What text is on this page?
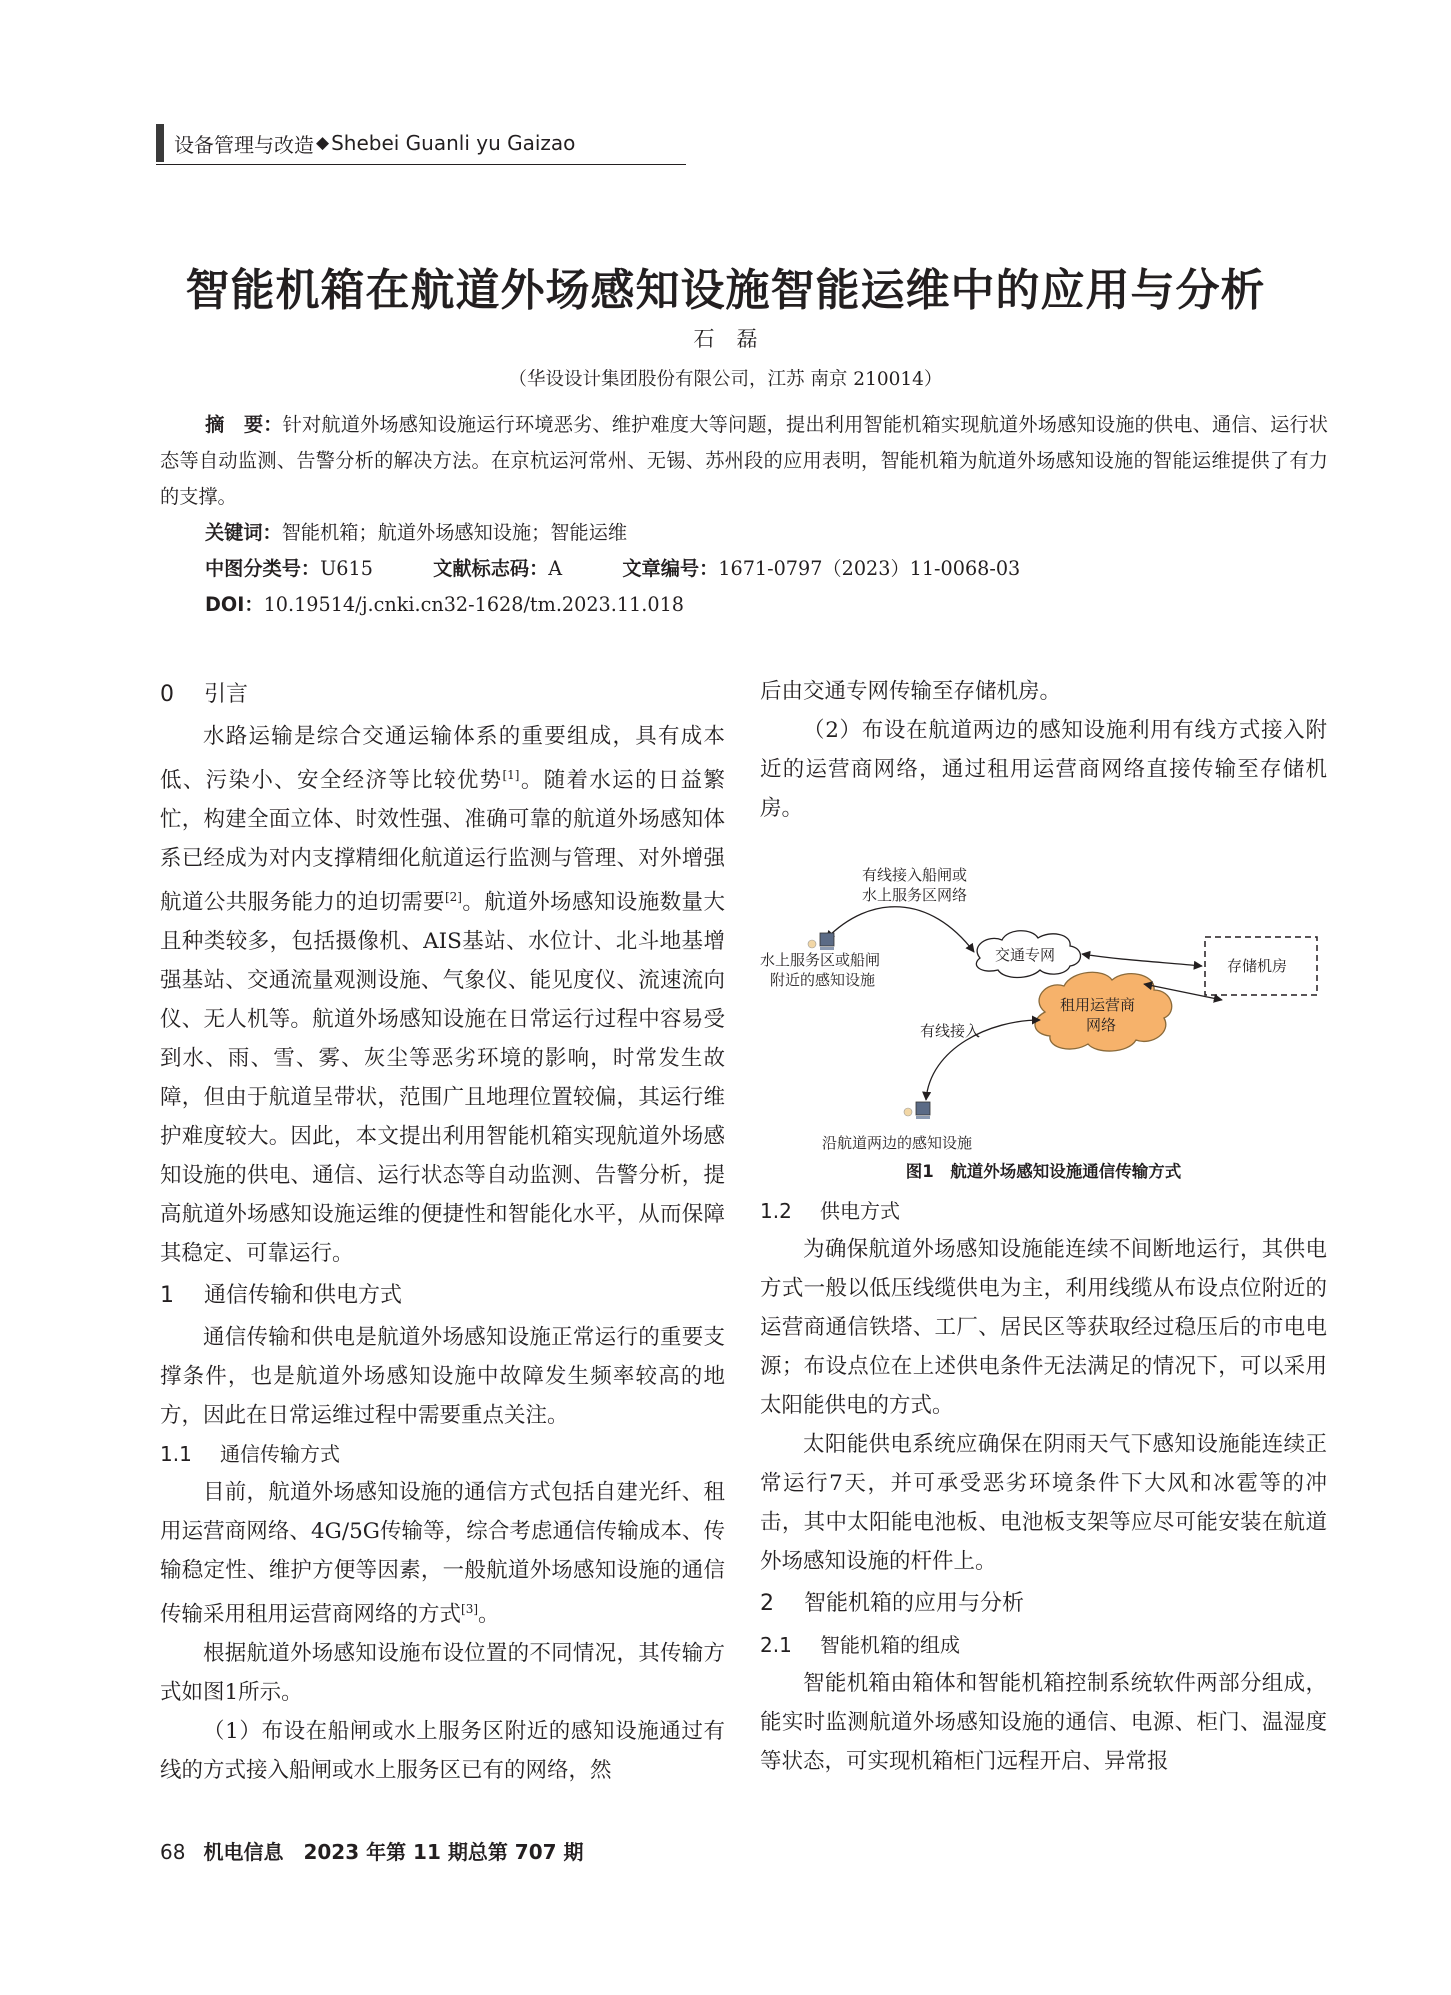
设备管理与改造 ◆ Shebei Guanli yu Gaizao
智能机箱在航道外场感知设施智能运维中的应用与分析
石磊
（华设设计集团股份有限公司，江苏 南京 210014）
摘　要：针对航道外场感知设施运行环境恶劣、维护难度大等问题，提出利用智能机箱实现航道外场感知设施的供电、通信、运行状态等自动监测、告警分析的解决方法。在京杭运河常州、无锡、苏州段的应用表明，智能机箱为航道外场感知设施的智能运维提供了有力的支撑。
关键词：智能机箱；航道外场感知设施；智能运维
中图分类号：U615	文献标志码：A	文章编号：1671-0797（2023）11-0068-03
DOI：10.19514/j.cnki.cn32-1628/tm.2023.11.018
0 引言

水路运输是综合交通运输体系的重要组成，具有成本低、污染小、安全经济等比较优势[1]。随着水运的日益繁忙，构建全面立体、时效性强、准确可靠的航道外场感知体系已经成为对内支撑精细化航道运行监测与管理、对外增强航道公共服务能力的迫切需要[2]。航道外场感知设施数量大且种类较多，包括摄像机、AIS基站、水位计、北斗地基增强基站、交通流量观测设施、气象仪、能见度仪、流速流向仪、无人机等。航道外场感知设施在日常运行过程中容易受到水、雨、雪、雾、灰尘等恶劣环境的影响，时常发生故障，但由于航道呈带状，范围广且地理位置较偏，其运行维护难度较大。因此，本文提出利用智能机箱实现航道外场感知设施的供电、通信、运行状态等自动监测、告警分析，提高航道外场感知设施运维的便捷性和智能化水平，从而保障其稳定、可靠运行。

1 通信传输和供电方式

通信传输和供电是航道外场感知设施正常运行的重要支撑条件，也是航道外场感知设施中故障发生频率较高的地方，因此在日常运维过程中需要重点关注。

1.1 通信传输方式

目前，航道外场感知设施的通信方式包括自建光纤、租用运营商网络、4G/5G传输等，综合考虑通信传输成本、传输稳定性、维护方便等因素，一般航道外场感知设施的通信传输采用租用运营商网络的方式[3]。

根据航道外场感知设施布设位置的不同情况，其传输方式如图1所示。

（1）布设在船闸或水上服务区附近的感知设施通过有线的方式接入船闸或水上服务区已有的网络，然

后由交通专网传输至存储机房。

（2）布设在航道两边的感知设施利用有线方式接入附近的运营商网络，通过租用运营商网络直接传输至存储机房。

有线接入船闸或
水上服务区网络
水上服务区或船闸
附近的感知设施
交通专网
存储机房
租用运营商
网络
有线接入
沿航道两边的感知设施
图1　航道外场感知设施通信传输方式
1.2 供电方式

为确保航道外场感知设施能连续不间断地运行，其供电方式一般以低压线缆供电为主，利用线缆从布设点位附近的运营商通信铁塔、工厂、居民区等获取经过稳压后的市电电源；布设点位在上述供电条件无法满足的情况下，可以采用太阳能供电的方式。

太阳能供电系统应确保在阴雨天气下感知设施能连续正常运行7天，并可承受恶劣环境条件下大风和冰雹等的冲击，其中太阳能电池板、电池板支架等应尽可能安装在航道外场感知设施的杆件上。

2 智能机箱的应用与分析
2.1 智能机箱的组成

智能机箱由箱体和智能机箱控制系统软件两部分组成，能实时监测航道外场感知设施的通信、电源、柜门、温湿度等状态，可实现机箱柜门远程开启、异常报

68 机电信息　2023 年第 11 期总第 707 期
